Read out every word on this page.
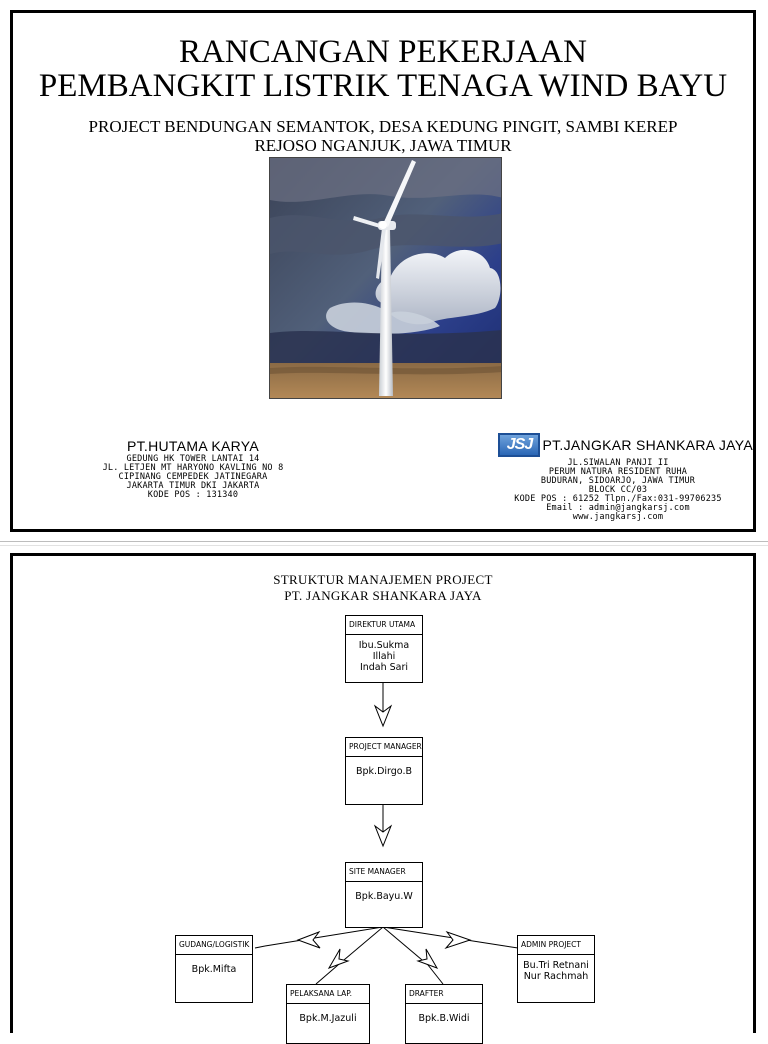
RANCANGAN PEKERJAAN
PEMBANGKIT LISTRIK TENAGA WIND BAYU
PROJECT BENDUNGAN SEMANTOK, DESA KEDUNG PINGIT, SAMBI KEREP
REJOSO NGANJUK, JAWA TIMUR
PT.HUTAMA KARYA
GEDUNG HK TOWER LANTAI 14
JL. LETJEN MT HARYONO KAVLING NO 8
CIPINANG CEMPEDEK JATINEGARA
JAKARTA TIMUR DKI JAKARTA
KODE POS : 131340
JSJ PT.JANGKAR SHANKARA JAYA
JL.SIWALAN PANJI II
PERUM NATURA RESIDENT RUHA
BUDURAN, SIDOARJO, JAWA TIMUR
BLOCK CC/03
KODE POS : 61252 Tlpn./Fax:031-99706235
Email : admin@jangkarsj.com
www.jangkarsj.com
STRUKTUR MANAJEMEN PROJECT
PT. JANGKAR SHANKARA JAYA
DIREKTUR UTAMA
Ibu.Sukma Illahi
Indah Sari
PROJECT MANAGER
Bpk.Dirgo.B
SITE MANAGER
Bpk.Bayu.W
GUDANG/LOGISTIK
Bpk.Mifta
PELAKSANA LAP.
Bpk.M.Jazuli
DRAFTER
Bpk.B.Widi
ADMIN PROJECT
Bu.Tri Retnani
Nur Rachmah
